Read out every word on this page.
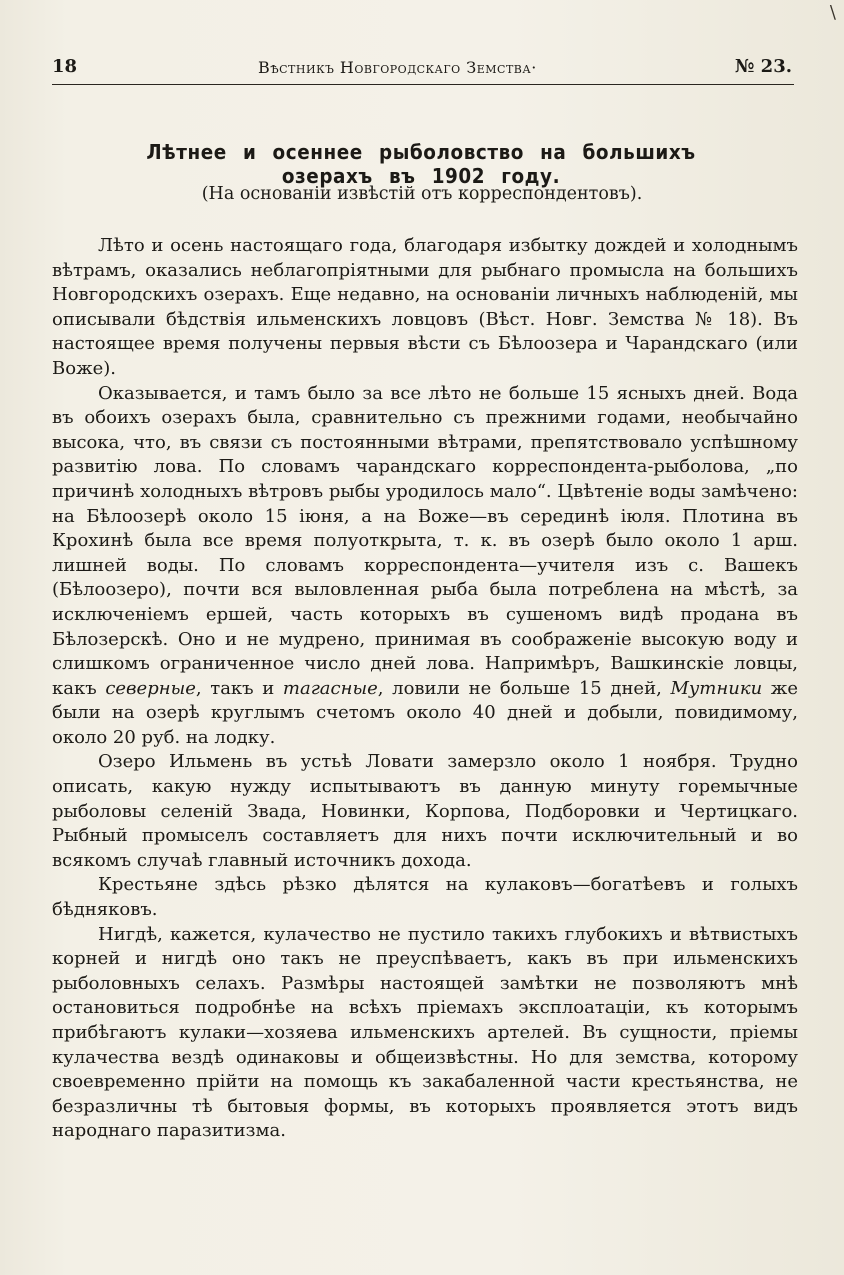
\
18	Вѣстникъ Новгородскаго Земства·	№ 23.
Лѣтнее и осеннее рыболовство на большихъ озерахъ въ 1902 году.
(На основаніи извѣстій отъ корреспондентовъ).

Лѣто и осень настоящаго года, благодаря избытку дождей и холоднымъ вѣтрамъ, оказались неблагопріятными для рыбнаго промысла на большихъ Новгородскихъ озерахъ. Еще недавно, на основаніи личныхъ наблюденій, мы описывали бѣдствія ильменскихъ ловцовъ (Вѣст. Новг. Земства № 18). Въ настоящее время получены первыя вѣсти съ Бѣлоозера и Чарандскаго (или Воже).

Оказывается, и тамъ было за все лѣто не больше 15 ясныхъ дней. Вода въ обоихъ озерахъ была, сравнительно съ прежними годами, необычайно высока, что, въ связи съ постоянными вѣтрами, препятствовало успѣшному развитію лова. По словамъ чарандскаго корреспондента-рыболова, „по причинѣ холодныхъ вѣтровъ рыбы уродилось мало“. Цвѣтеніе воды замѣчено: на Бѣлоозерѣ около 15 іюня, а на Воже—въ серединѣ іюля. Плотина въ Крохинѣ была все время полуоткрыта, т. к. въ озерѣ было около 1 арш. лишней воды. По словамъ корреспондента—учителя изъ с. Вашекъ (Бѣлоозеро), почти вся выловленная рыба была потреблена на мѣстѣ, за исключеніемъ ершей, часть которыхъ въ сушеномъ видѣ продана въ Бѣлозерскѣ. Оно и не мудрено, принимая въ соображеніе высокую воду и слишкомъ ограниченное число дней лова. Напримѣръ, Вашкинскіе ловцы, какъ северные, такъ и тагасные, ловили не больше 15 дней, Мутники же были на озерѣ круглымъ счетомъ около 40 дней и добыли, повидимому, около 20 руб. на лодку.

Озеро Ильмень въ устьѣ Ловати замерзло около 1 ноября. Трудно описать, какую нужду испытываютъ въ данную минуту горемычные рыболовы селеній Звада, Новинки, Корпова, Подборовки и Чертицкаго. Рыбный промыселъ составляетъ для нихъ почти исключительный и во всякомъ случаѣ главный источникъ дохода.

Крестьяне здѣсь рѣзко дѣлятся на кулаковъ—богатѣевъ и голыхъ бѣдняковъ.

Нигдѣ, кажется, кулачество не пустило такихъ глубокихъ и вѣтвистыхъ корней и нигдѣ оно такъ не преуспѣваетъ, какъ въ при ильменскихъ рыболовныхъ селахъ. Размѣры настоящей замѣтки не позволяютъ мнѣ остановиться подробнѣе на всѣхъ пріемахъ эксплоатаціи, къ которымъ прибѣгаютъ кулаки—хозяева ильменскихъ артелей. Въ сущности, пріемы кулачества вездѣ одинаковы и общеизвѣстны. Но для земства, которому своевременно прійти на помощь къ закабаленной части крестьянства, не безразличны тѣ бытовыя формы, въ которыхъ проявляется этотъ видъ народнаго паразитизма.
